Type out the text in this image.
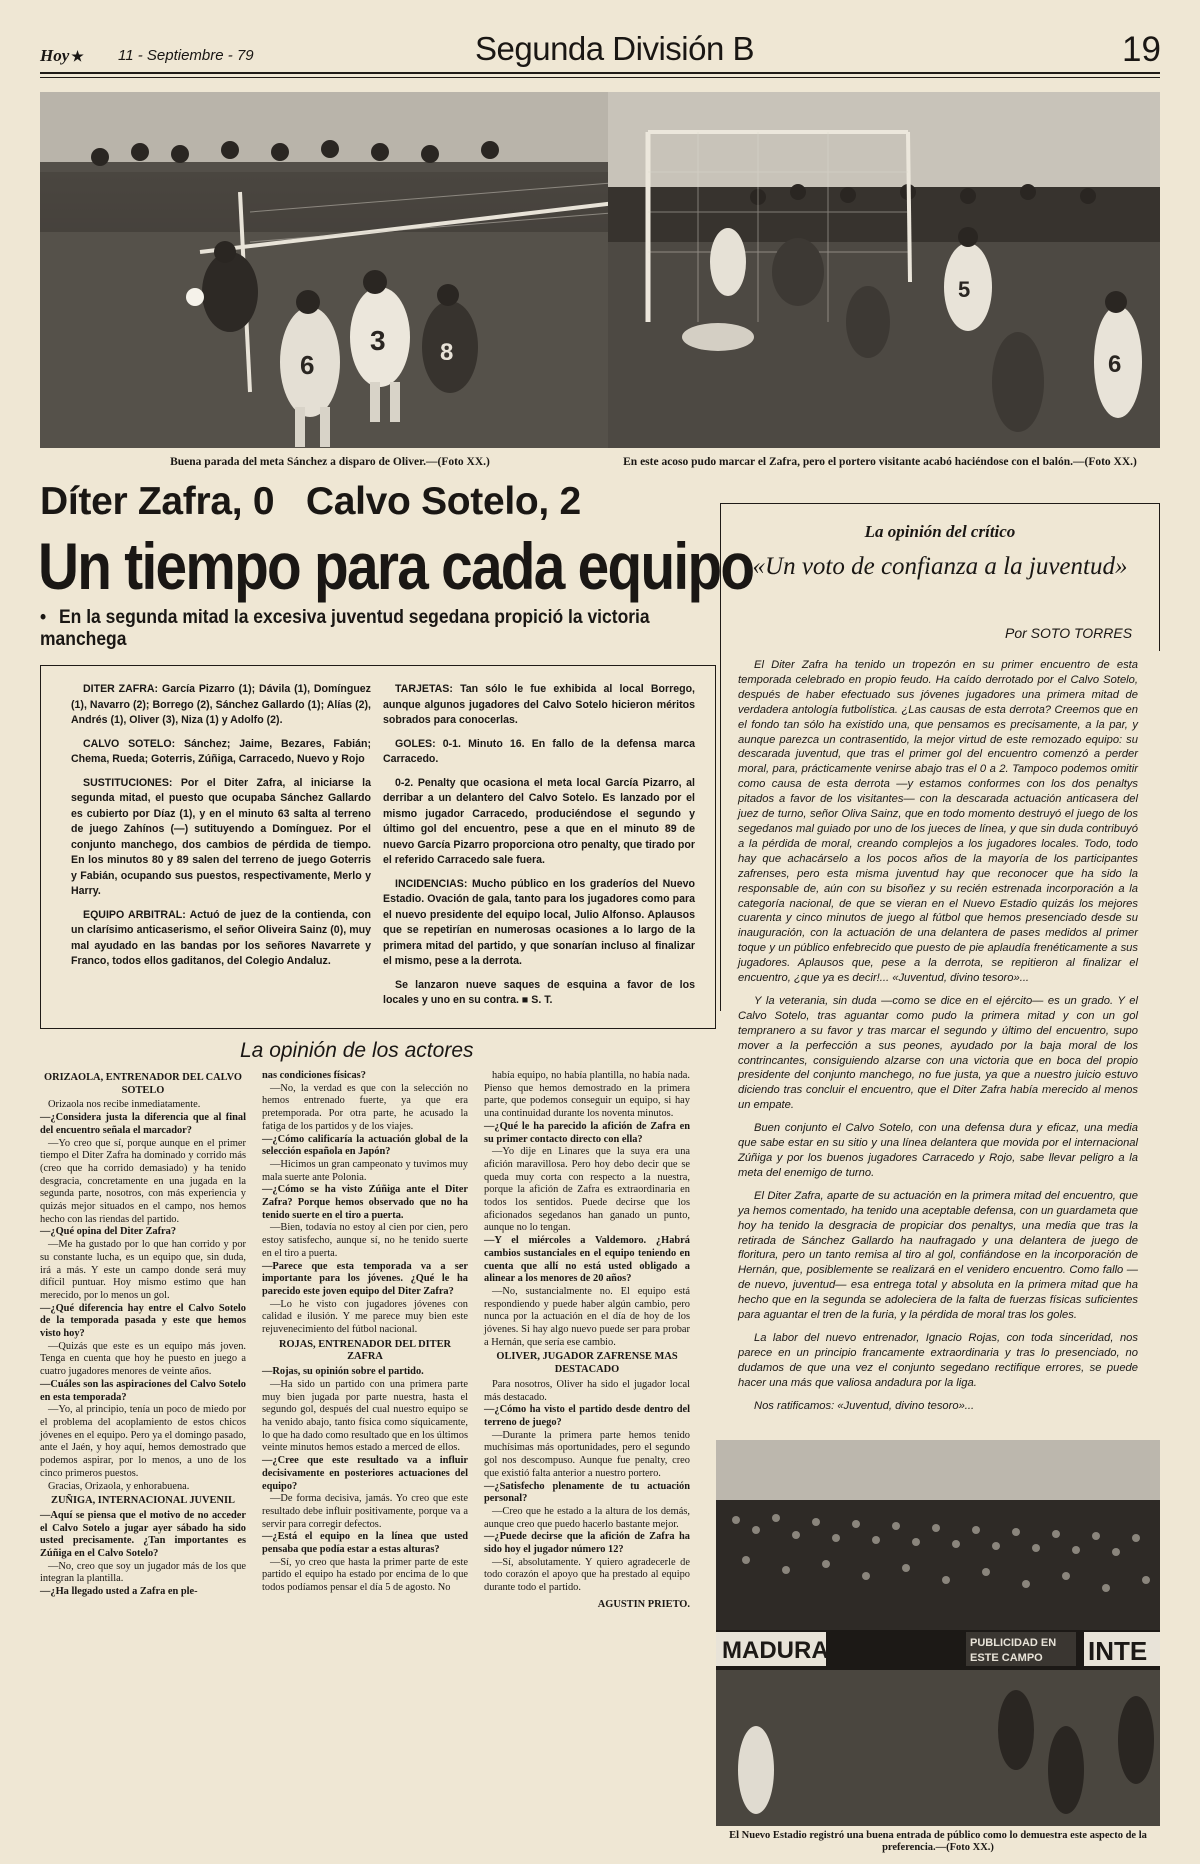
Hoy ★ 11 - Septiembre - 79	Segunda División B	19
3
6	8
5
6
Buena parada del meta Sánchez a disparo de Oliver.—(Foto XX.)	En este acoso pudo marcar el Zafra, pero el portero visitante acabó haciéndose con el balón.—(Foto XX.)
Díter Zafra, 0   Calvo Sotelo, 2
Un tiempo para cada equipo
• En la segunda mitad la excesiva juventud segedana propició la victoria manchega

DITER ZAFRA: García Pizarro (1); Dávila (1), Domínguez (1), Navarro (2); Borrego (2), Sánchez Gallardo (1); Alías (2), Andrés (1), Oliver (3), Niza (1) y Adolfo (2).

CALVO SOTELO: Sánchez; Jaime, Bezares, Fabián; Chema, Rueda; Goterris, Zúñiga, Carracedo, Nuevo y Rojo

SUSTITUCIONES: Por el Diter Zafra, al iniciarse la segunda mitad, el puesto que ocupaba Sánchez Gallardo es cubierto por Díaz (1), y en el minuto 63 salta al terreno de juego Zahínos (—) sutituyendo a Domínguez. Por el conjunto manchego, dos cambios de pérdida de tiempo. En los minutos 80 y 89 salen del terreno de juego Goterris y Fabián, ocupando sus puestos, respectivamente, Merlo y Harry.

EQUIPO ARBITRAL: Actuó de juez de la contienda, con un clarísimo anticaserismo, el señor Oliveira Sainz (0), muy mal ayudado en las bandas por los señores Navarrete y Franco, todos ellos gaditanos, del Colegio Andaluz.

TARJETAS: Tan sólo le fue exhibida al local Borrego, aunque algunos jugadores del Calvo Sotelo hicieron méritos sobrados para conocerlas.

GOLES: 0-1. Minuto 16. En fallo de la defensa marca Carracedo.

0-2. Penalty que ocasiona el meta local García Pizarro, al derribar a un delantero del Calvo Sotelo. Es lanzado por el mismo jugador Carracedo, produciéndose el segundo y último gol del encuentro, pese a que en el minuto 89 de nuevo García Pizarro proporciona otro penalty, que tirado por el referido Carracedo sale fuera.

INCIDENCIAS: Mucho público en los graderíos del Nuevo Estadio. Ovación de gala, tanto para los jugadores como para el nuevo presidente del equipo local, Julio Alfonso. Aplausos que se repetirían en numerosas ocasiones a lo largo de la primera mitad del partido, y que sonarían incluso al finalizar el mismo, pese a la derrota.

Se lanzaron nueve saques de esquina a favor de los locales y uno en su contra. ■ S. T.

La opinión del crítico
«Un voto de confianza a la juventud»
Por SOTO TORRES

El Diter Zafra ha tenido un tropezón en su primer encuentro de esta temporada celebrado en propio feudo. Ha caído derrotado por el Calvo Sotelo, después de haber efectuado sus jóvenes jugadores una primera mitad de verdadera antología futbolística. ¿Las causas de esta derrota? Creemos que en el fondo tan sólo ha existido una, que pensamos es precisamente, a la par, y aunque parezca un contrasentido, la mejor virtud de este remozado equipo: su descarada juventud, que tras el primer gol del encuentro comenzó a perder moral, para, prácticamente venirse abajo tras el 0 a 2. Tampoco podemos omitir como causa de esta derrota —y estamos conformes con los dos penaltys pitados a favor de los visitantes— con la descarada actuación anticasera del juez de turno, señor Oliva Sainz, que en todo momento destruyó el juego de los segedanos mal guiado por uno de los jueces de línea, y que sin duda contribuyó a la pérdida de moral, creando complejos a los jugadores locales. Todo, todo hay que achacárselo a los pocos años de la mayoría de los participantes zafrenses, pero esta misma juventud hay que reconocer que ha sido la responsable de, aún con su bisoñez y su recién estrenada incorporación a la categoría nacional, de que se vieran en el Nuevo Estadio quizás los mejores cuarenta y cinco minutos de juego al fútbol que hemos presenciado desde su inauguración, con la actuación de una delantera de pases medidos al primer toque y un público enfebrecido que puesto de pie aplaudía frenéticamente a sus jugadores. Aplausos que, pese a la derrota, se repitieron al finalizar el encuentro, ¿que ya es decir!... «Juventud, divino tesoro»...

Y la veterania, sin duda —como se dice en el ejército— es un grado. Y el Calvo Sotelo, tras aguantar como pudo la primera mitad y con un gol tempranero a su favor y tras marcar el segundo y último del encuentro, supo mover a la perfección a sus peones, ayudado por la baja moral de los contrincantes, consiguiendo alzarse con una victoria que en boca del propio presidente del conjunto manchego, no fue justa, ya que a nuestro juicio estuvo diciendo tras concluir el encuentro, que el Diter Zafra había merecido al menos un empate.

Buen conjunto el Calvo Sotelo, con una defensa dura y eficaz, una media que sabe estar en su sitio y una línea delantera que movida por el internacional Zúñiga y por los buenos jugadores Carracedo y Rojo, sabe llevar peligro a la meta del enemigo de turno.

El Diter Zafra, aparte de su actuación en la primera mitad del encuentro, que ya hemos comentado, ha tenido una aceptable defensa, con un guardameta que hoy ha tenido la desgracia de propiciar dos penaltys, una media que tras la retirada de Sánchez Gallardo ha naufragado y una delantera de juego de floritura, pero un tanto remisa al tiro al gol, confiándose en la incorporación de Hernán, que, posiblemente se realizará en el venidero encuentro. Como fallo —de nuevo, juventud— esa entrega total y absoluta en la primera mitad que ha hecho que en la segunda se adoleciera de la falta de fuerzas físicas suficientes para aguantar el tren de la furia, y la pérdida de moral tras los goles.

La labor del nuevo entrenador, Ignacio Rojas, con toda sinceridad, nos parece en un principio francamente extraordinaria y tras lo presenciado, no dudamos de que una vez el conjunto segedano rectifique errores, se puede hacer una más que valiosa andadura por la liga.

Nos ratificamos: «Juventud, divino tesoro»...

La opinión de los actores

ORIZAOLA, ENTRENADOR DEL CALVO SOTELO

Orizaola nos recibe inmediatamente.

—¿Considera justa la diferencia que al final del encuentro señala el marcador?

—Yo creo que sí, porque aunque en el primer tiempo el Diter Zafra ha dominado y corrido más (creo que ha corrido demasiado) y ha tenido desgracia, concretamente en una jugada en la segunda parte, nosotros, con más experiencia y quizás mejor situados en el campo, nos hemos hecho con las riendas del partido.

—¿Qué opina del Diter Zafra?

—Me ha gustado por lo que han corrido y por su constante lucha, es un equipo que, sin duda, irá a más. Y este un campo donde será muy difícil puntuar. Hoy mismo estimo que han merecido, por lo menos un gol.

—¿Qué diferencia hay entre el Calvo Sotelo de la temporada pasada y este que hemos visto hoy?

—Quizás que este es un equipo más joven. Tenga en cuenta que hoy he puesto en juego a cuatro jugadores menores de veinte años.

—Cuáles son las aspiraciones del Calvo Sotelo en esta temporada?

—Yo, al principio, tenía un poco de miedo por el problema del acoplamiento de estos chicos jóvenes en el equipo. Pero ya el domingo pasado, ante el Jaén, y hoy aquí, hemos demostrado que podemos aspirar, por lo menos, a uno de los cinco primeros puestos.

Gracias, Orizaola, y enhorabuena.

ZUÑIGA, INTERNACIONAL JUVENIL

—Aquí se piensa que el motivo de no acceder el Calvo Sotelo a jugar ayer sábado ha sido usted precisamente. ¿Tan importantes es Zúñiga en el Calvo Sotelo?

—No, creo que soy un jugador más de los que integran la plantilla.

—¿Ha llegado usted a Zafra en ple-

nas condiciones físicas?

—No, la verdad es que con la selección no hemos entrenado fuerte, ya que era pretemporada. Por otra parte, he acusado la fatiga de los partidos y de los viajes.

—¿Cómo calificaría la actuación global de la selección española en Japón?

—Hicimos un gran campeonato y tuvimos muy mala suerte ante Polonia.

—¿Cómo se ha visto Zúñiga ante el Diter Zafra? Porque hemos observado que no ha tenido suerte en el tiro a puerta.

—Bien, todavía no estoy al cien por cien, pero estoy satisfecho, aunque sí, no he tenido suerte en el tiro a puerta.

—Parece que esta temporada va a ser importante para los jóvenes. ¿Qué le ha parecido este joven equipo del Diter Zafra?

—Lo he visto con jugadores jóvenes con calidad e ilusión. Y me parece muy bien este rejuvenecimiento del fútbol nacional.

ROJAS, ENTRENADOR DEL DITER ZAFRA

—Rojas, su opinión sobre el partido.

—Ha sido un partido con una primera parte muy bien jugada por parte nuestra, hasta el segundo gol, después del cual nuestro equipo se ha venido abajo, tanto física como síquicamente, lo que ha dado como resultado que en los últimos veinte minutos hemos estado a merced de ellos.

—¿Cree que este resultado va a influir decisivamente en posteriores actuaciones del equipo?

—De forma decisiva, jamás. Yo creo que este resultado debe influir positivamente, porque va a servir para corregir defectos.

—¿Está el equipo en la línea que usted pensaba que podía estar a estas alturas?

—Sí, yo creo que hasta la primer parte de este partido el equipo ha estado por encima de lo que todos podíamos pensar el día 5 de agosto. No

había equipo, no había plantilla, no había nada. Pienso que hemos demostrado en la primera parte, que podemos conseguir un equipo, si hay una continuidad durante los noventa minutos.

—¿Qué le ha parecido la afición de Zafra en su primer contacto directo con ella?

—Yo dije en Linares que la suya era una afición maravillosa. Pero hoy debo decir que se queda muy corta con respecto a la nuestra, porque la afición de Zafra es extraordinaria en todos los sentidos. Puede decirse que los aficionados segedanos han ganado un punto, aunque no lo tengan.

—Y el miércoles a Valdemoro. ¿Habrá cambios sustanciales en el equipo teniendo en cuenta que allí no está usted obligado a alinear a los menores de 20 años?

—No, sustancialmente no. El equipo está respondiendo y puede haber algún cambio, pero nunca por la actuación en el día de hoy de los jóvenes. Si hay algo nuevo puede ser para probar a Hernán, que sería ese cambio.

OLIVER, JUGADOR ZAFRENSE MAS DESTACADO

Para nosotros, Oliver ha sido el jugador local más destacado.

—¿Cómo ha visto el partido desde dentro del terreno de juego?

—Durante la primera parte hemos tenido muchísimas más oportunidades, pero el segundo gol nos descompuso. Aunque fue penalty, creo que existió falta anterior a nuestro portero.

—¿Satisfecho plenamente de tu actuación personal?

—Creo que he estado a la altura de los demás, aunque creo que puedo hacerlo bastante mejor.

—¿Puede decirse que la afición de Zafra ha sido hoy el jugador número 12?

—Sí, absolutamente. Y quiero agradecerle de todo corazón el apoyo que ha prestado al equipo durante todo el partido.

AGUSTIN PRIETO.

MADURA	PUBLICIDAD EN
ESTE CAMPO INTE
El Nuevo Estadio registró una buena entrada de público como lo demuestra este aspecto de la preferencia.—(Foto XX.)
